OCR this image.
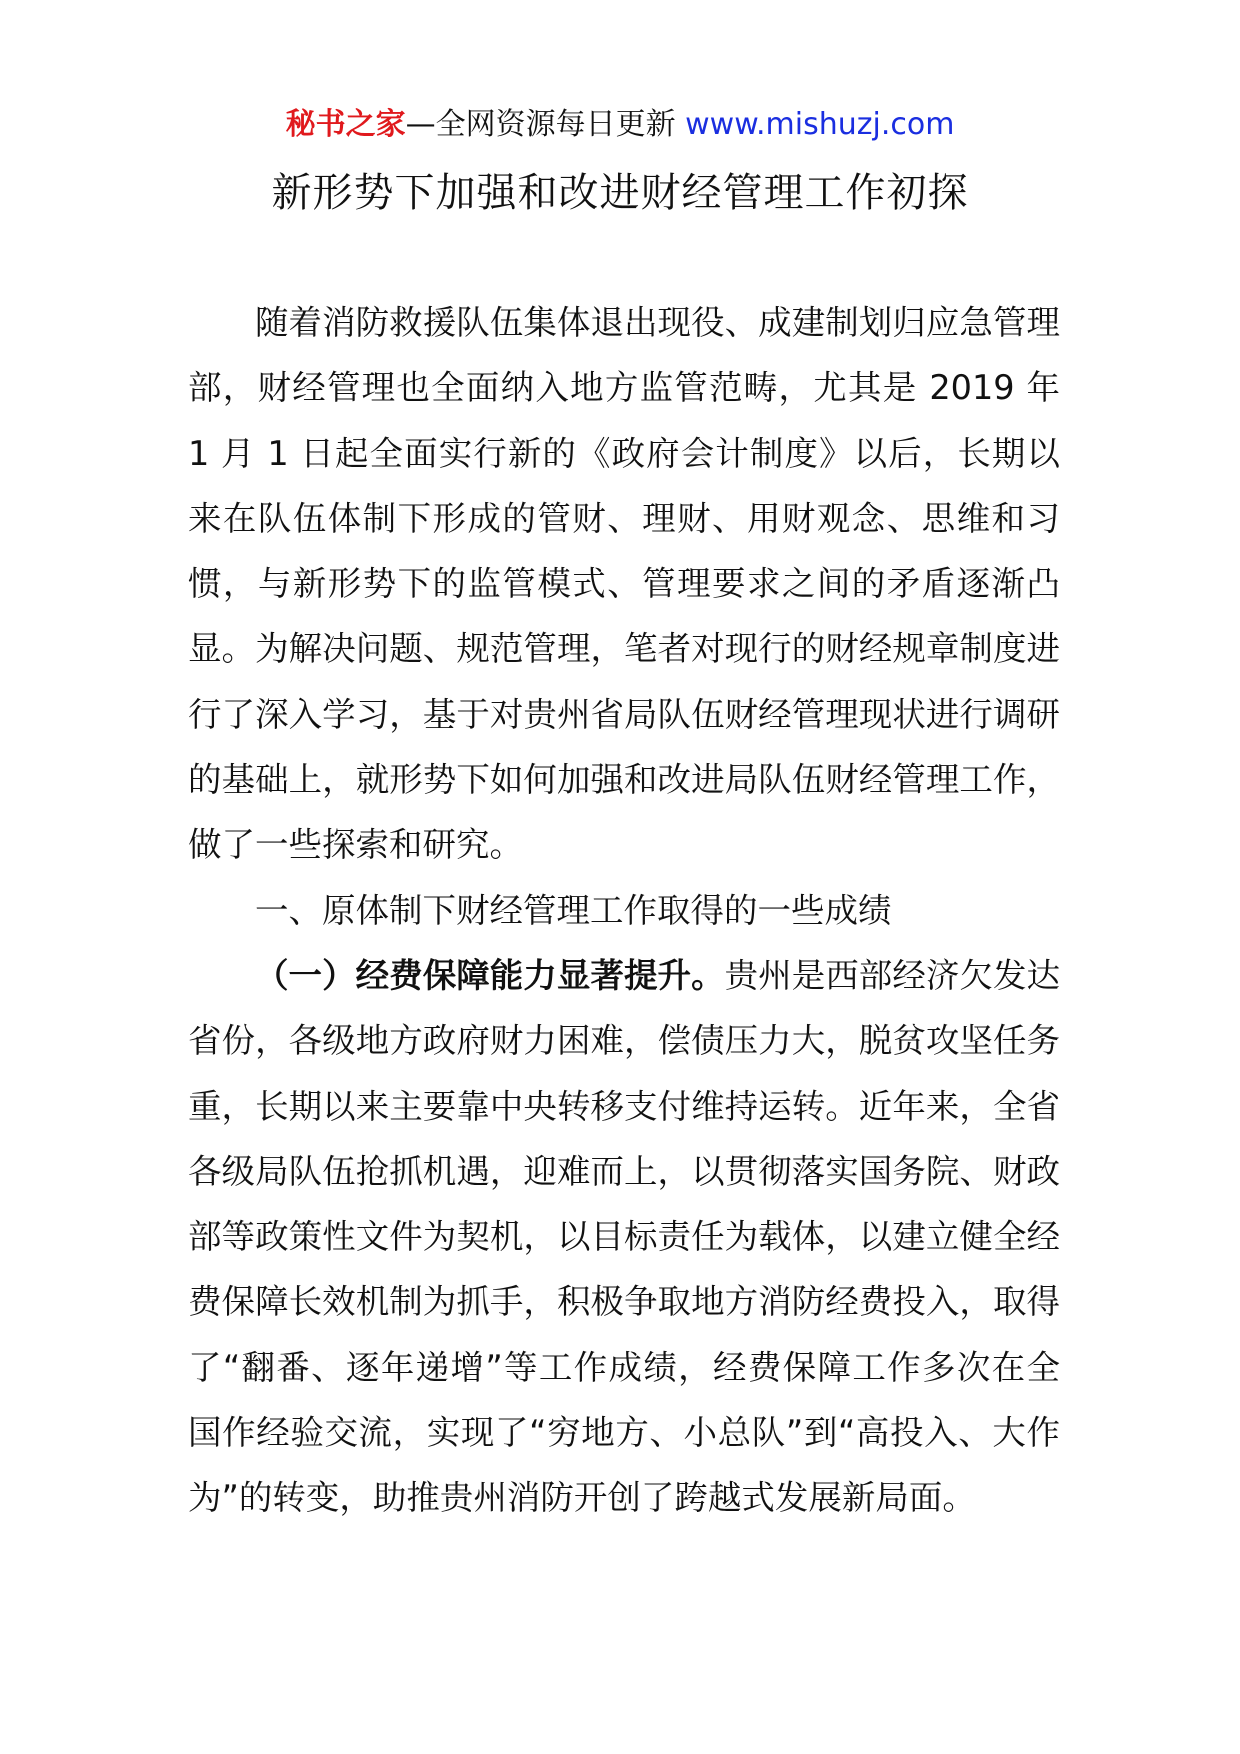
秘书之家—全网资源每日更新 www.mishuzj.com
新形势下加强和改进财经管理工作初探

随着消防救援队伍集体退出现役、成建制划归应急管理部，财经管理也全面纳入地方监管范畴，尤其是 2019 年 1 月 1 日起全面实行新的《政府会计制度》以后，长期以来在队伍体制下形成的管财、理财、用财观念、思维和习惯，与新形势下的监管模式、管理要求之间的矛盾逐渐凸显。为解决问题、规范管理，笔者对现行的财经规章制度进行了深入学习，基于对贵州省局队伍财经管理现状进行调研的基础上，就形势下如何加强和改进局队伍财经管理工作，做了一些探索和研究。

一、原体制下财经管理工作取得的一些成绩

（一）经费保障能力显著提升。贵州是西部经济欠发达省份，各级地方政府财力困难，偿债压力大，脱贫攻坚任务重，长期以来主要靠中央转移支付维持运转。近年来，全省各级局队伍抢抓机遇，迎难而上，以贯彻落实国务院、财政部等政策性文件为契机，以目标责任为载体，以建立健全经费保障长效机制为抓手，积极争取地方消防经费投入，取得了“翻番、逐年递增”等工作成绩，经费保障工作多次在全国作经验交流，实现了“穷地方、小总队”到“高投入、大作为”的转变，助推贵州消防开创了跨越式发展新局面。
